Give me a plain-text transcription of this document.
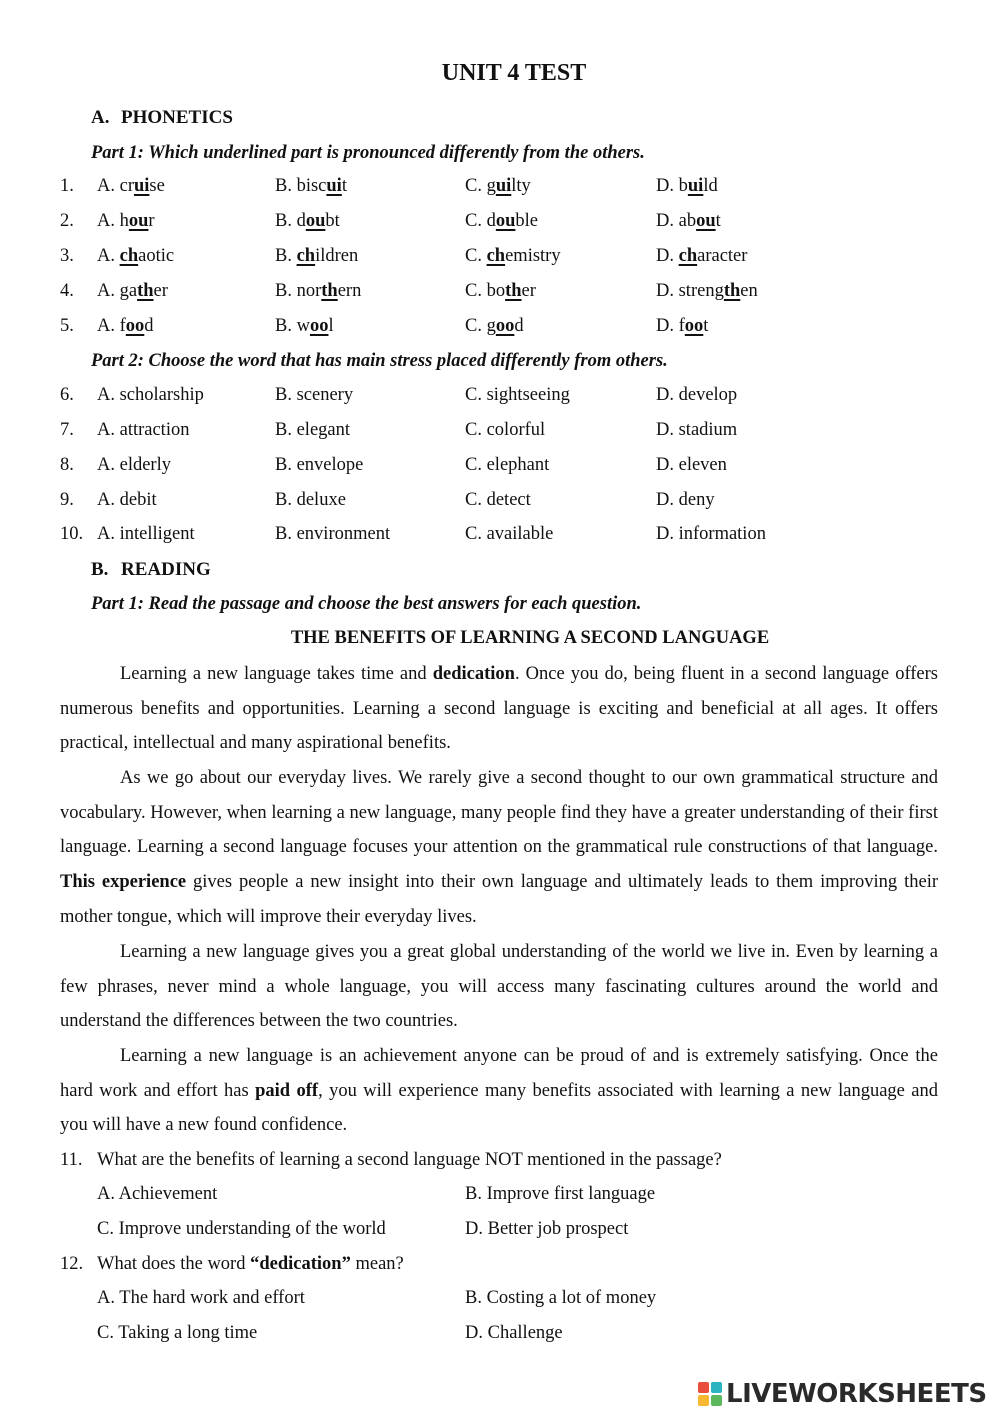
UNIT 4 TEST
A. PHONETICS
Part 1: Which underlined part is pronounced differently from the others.
1. A. cruise	B. biscuit	C. guilty	D. build
2. A. hour	B. doubt	C. double	D. about
3. A. chaotic	B. children	C. chemistry	D. character
4. A. gather	B. northern	C. bother	D. strengthen
5. A. food	B. wool	C. good	D. foot
Part 2: Choose the word that has main stress placed differently from others.
6. A. scholarship	B. scenery	C. sightseeing	D. develop
7. A. attraction	B. elegant	C. colorful	D. stadium
8. A. elderly	B. envelope	C. elephant	D. eleven
9. A. debit	B. deluxe	C. detect	D. deny
10. A. intelligent	B. environment	C. available	D. information
B. READING
Part 1: Read the passage and choose the best answers for each question.
THE BENEFITS OF LEARNING A SECOND LANGUAGE

Learning a new language takes time and dedication. Once you do, being fluent in a second language offers numerous benefits and opportunities. Learning a second language is exciting and beneficial at all ages. It offers practical, intellectual and many aspirational benefits.

As we go about our everyday lives. We rarely give a second thought to our own grammatical structure and vocabulary. However, when learning a new language, many people find they have a greater understanding of their first language. Learning a second language focuses your attention on the grammatical rule constructions of that language. This experience gives people a new insight into their own language and ultimately leads to them improving their mother tongue, which will improve their everyday lives.

Learning a new language gives you a great global understanding of the world we live in. Even by learning a few phrases, never mind a whole language, you will access many fascinating cultures around the world and understand the differences between the two countries.

Learning a new language is an achievement anyone can be proud of and is extremely satisfying. Once the hard work and effort has paid off, you will experience many benefits associated with learning a new language and you will have a new found confidence.

11. What are the benefits of learning a second language NOT mentioned in the passage?
A. Achievement	B. Improve first language
C. Improve understanding of the world	D. Better job prospect
12. What does the word “dedication” mean?
A. The hard work and effort	B. Costing a lot of money
C. Taking a long time	D. Challenge
LIVEWORKSHEETS
